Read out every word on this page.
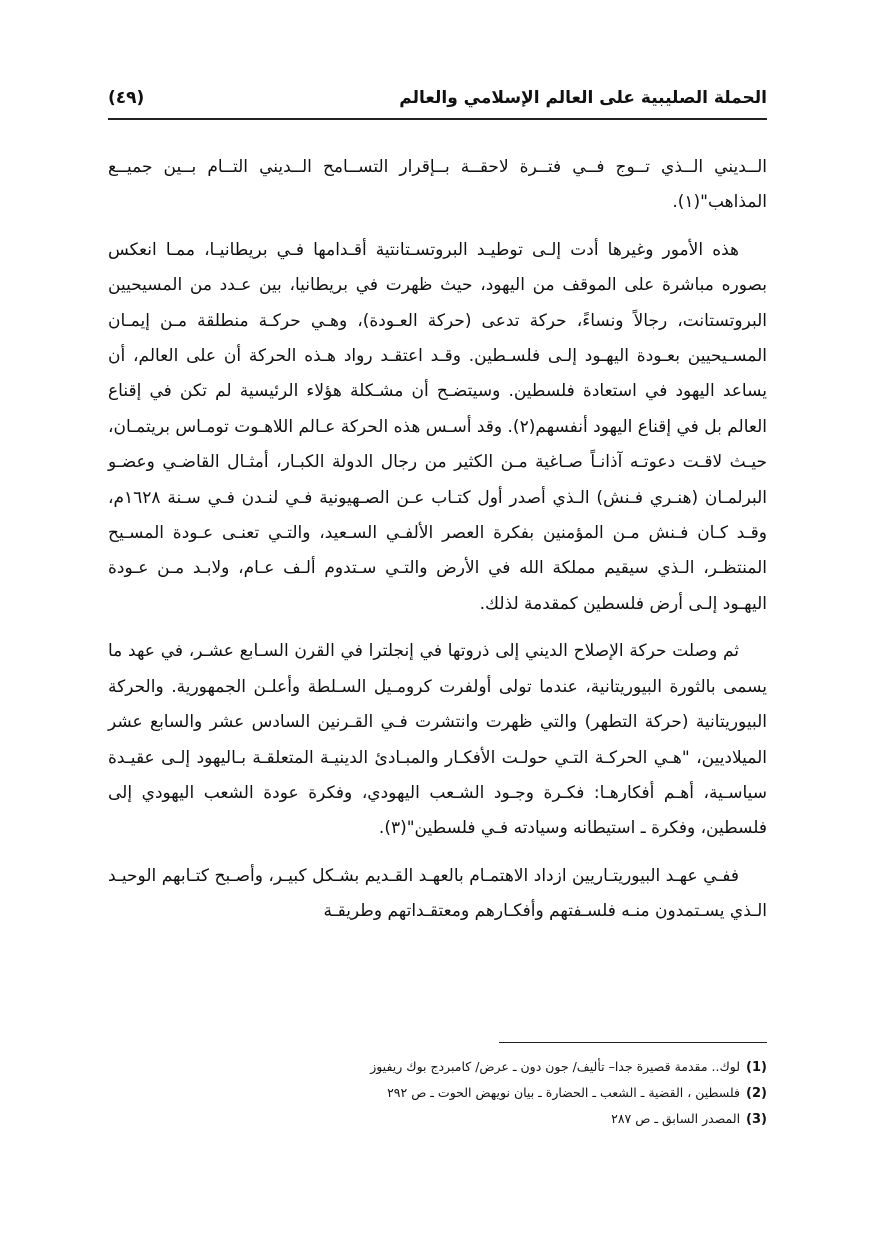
الحملة الصليبية على العالم الإسلامي والعالم
(٤٩)

الــديني الــذي تــوج فــي فتــرة لاحقــة بــإقرار التســامح الــديني التــام بــين جميــع المذاهب"(١).

هذه الأمور وغيرها أدت إلـى توطيـد البروتسـتانتية أقـدامها فـي بريطانيـا، ممـا انعكس بصوره مباشرة على الموقف من اليهود، حيث ظهرت في بريطانيا، بين عـدد من المسيحيين البروتستانت، رجالاً ونساءً، حركة تدعى (حركة العـودة)، وهـي حركـة منطلقة مـن إيمـان المسـيحيين بعـودة اليهـود إلـى فلسـطين. وقـد اعتقـد رواد هـذه الحركة أن على العالم، أن يساعد اليهود في استعادة فلسطين. وسيتضـح أن مشـكلة هؤلاء الرئيسية لم تكن في إقناع العالم بل في إقناع اليهود أنفسهم(٢). وقد أسـس هذه الحركة عـالم اللاهـوت تومـاس بريتمـان، حيـث لاقـت دعوتـه آذانـاً صـاغية مـن الكثير من رجال الدولة الكبـار، أمثـال القاضـي وعضـو البرلمـان (هنـري فـنش) الـذي أصدر أول كتـاب عـن الصـهيونية فـي لنـدن فـي سـنة ١٦٢٨م، وقـد كـان فـنش مـن المؤمنين بفكرة العصر الألفـي السـعيد، والتـي تعنـى عـودة المسـيح المنتظـر، الـذي سيقيم مملكة الله في الأرض والتـي سـتدوم ألـف عـام، ولابـد مـن عـودة اليهـود إلـى أرض فلسطين كمقدمة لذلك.

ثم وصلت حركة الإصلاح الديني إلى ذروتها في إنجلترا في القرن السـابع عشـر، في عهد ما يسمى بالثورة البيوريتانية، عندما تولى أولفرت كرومـيل السـلطة وأعلـن الجمهورية. والحركة البيوريتانية (حركة التطهر) والتي ظهرت وانتشرت فـي القـرنين السادس عشر والسابع عشر الميلاديين، "هـي الحركـة التـي حولـت الأفكـار والمبـادئ الدينيـة المتعلقـة بـاليهود إلـى عقيـدة سياسـية، أهـم أفكارهـا: فكـرة وجـود الشـعب اليهودي، وفكرة عودة الشعب اليهودي إلى فلسطين، وفكرة ـ استيطانه وسيادته فـي فلسطين"(٣).

ففـي عهـد البيوريتـاريين ازداد الاهتمـام بالعهـد القـديم بشـكل كبيـر، وأصـبح كتـابهم الوحيـد الـذي يسـتمدون منـه فلسـفتهم وأفكـارهم ومعتقـداتهم وطريقـة

(1)لوك.. مقدمة قصيرة جدا– تأليف/ جون دون ـ عرض/ كامبردج بوك ريفيوز
(2)فلسطين ، القضية ـ الشعب ـ الحضارة ـ بيان نويهض الحوت ـ ص ٢٩٢
(3)المصدر السابق ـ ص ٢٨٧
